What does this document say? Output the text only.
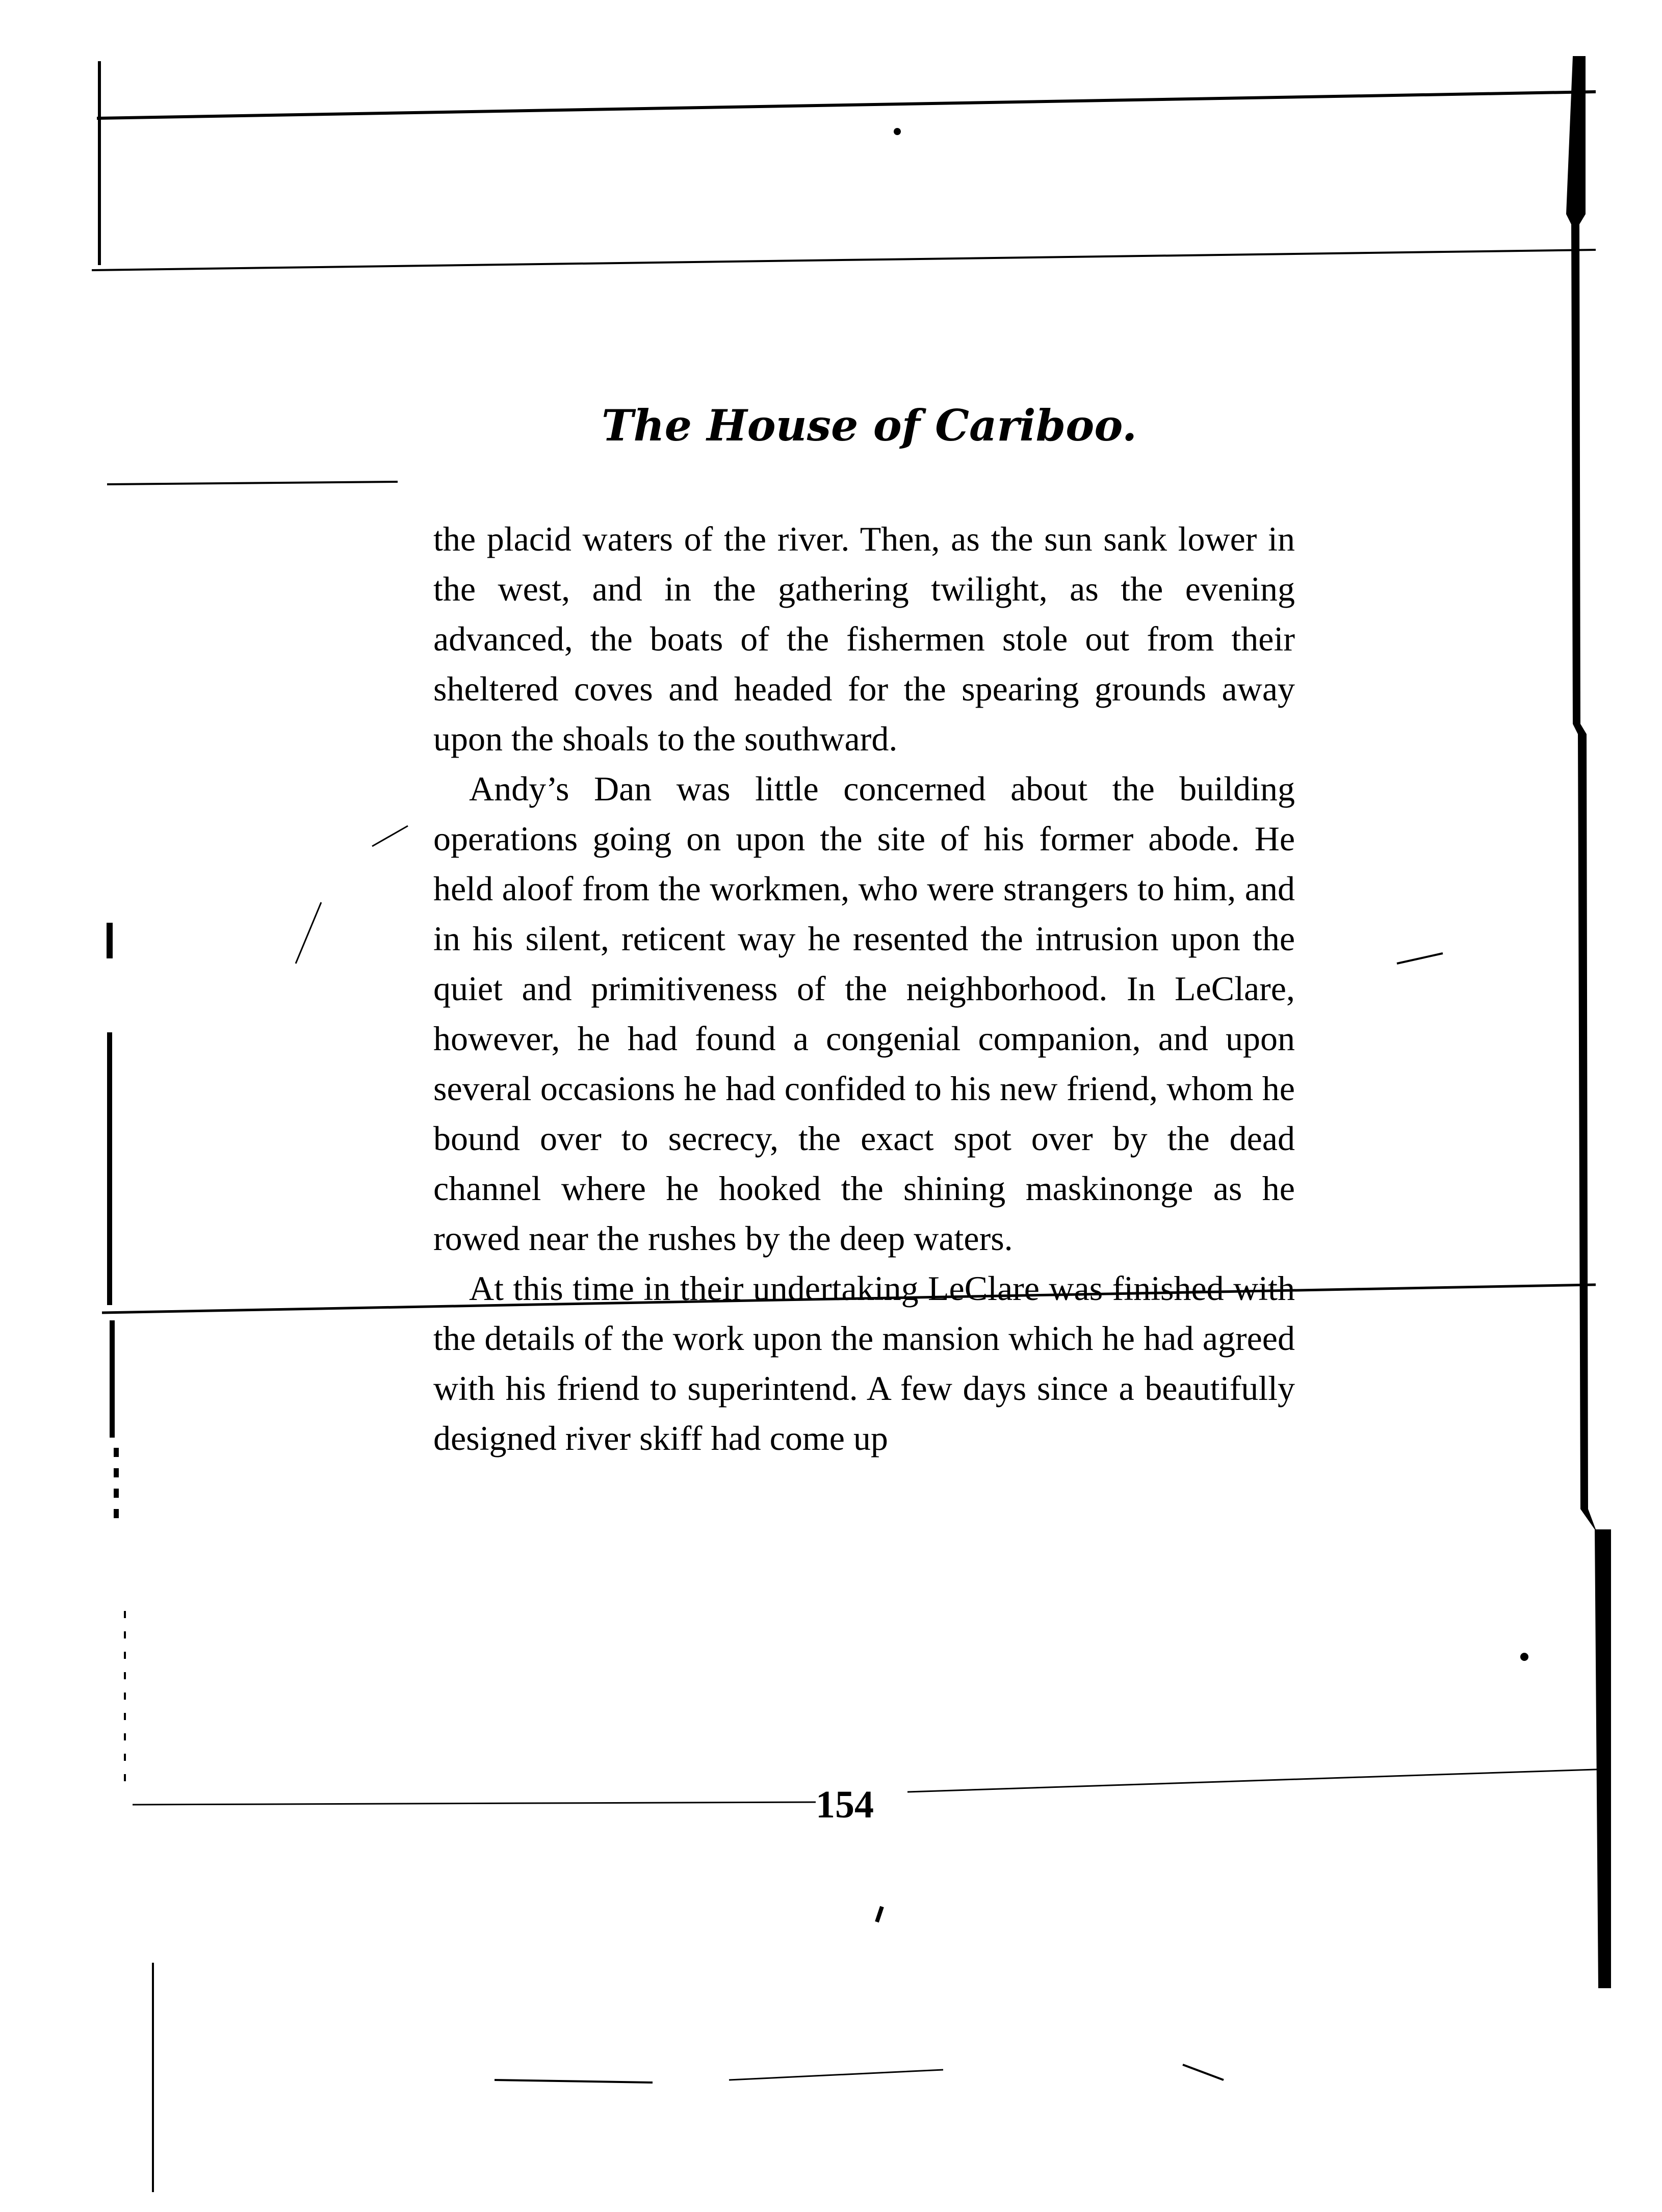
The House of Cariboo.

the placid waters of the river. Then, as the sun sank lower in the west, and in the gathering twilight, as the evening advanced, the boats of the fishermen stole out from their sheltered coves and headed for the spearing grounds away upon the shoals to the southward.

Andy’s Dan was little concerned about the building operations going on upon the site of his former abode. He held aloof from the workmen, who were strangers to him, and in his silent, reticent way he resented the intrusion upon the quiet and primitiveness of the neighborhood. In LeClare, however, he had found a congenial companion, and upon several occasions he had confided to his new friend, whom he bound over to secrecy, the exact spot over by the dead channel where he hooked the shining maskinonge as he rowed near the rushes by the deep waters.

At this time in their undertaking LeClare was finished with the details of the work upon the mansion which he had agreed with his friend to superintend. A few days since a beautifully designed river skiff had come up

154
